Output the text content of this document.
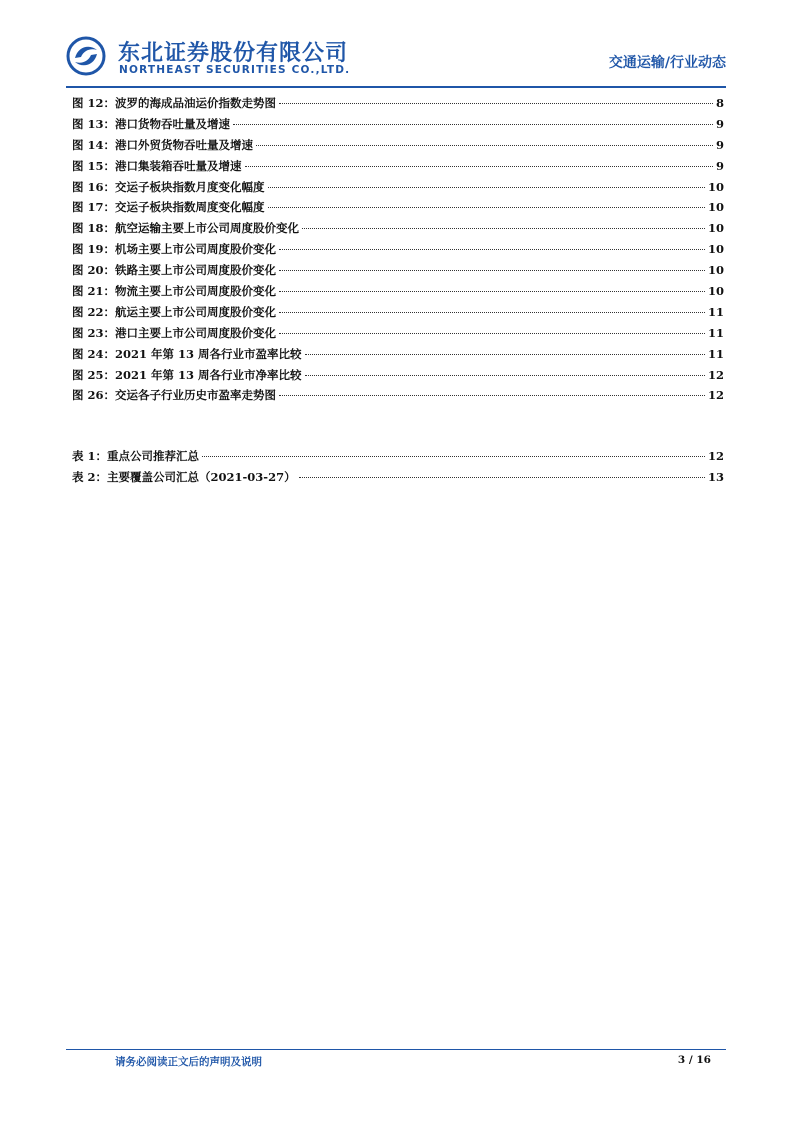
东北证券股份有限公司
NORTHEAST SECURITIES CO.,LTD.	交通运输/行业动态
图 12： 波罗的海成品油运价指数走势图	8
图 13： 港口货物吞吐量及增速	9
图 14： 港口外贸货物吞吐量及增速	9
图 15： 港口集装箱吞吐量及增速	9
图 16： 交运子板块指数月度变化幅度	10
图 17： 交运子板块指数周度变化幅度	10
图 18： 航空运输主要上市公司周度股价变化	10
图 19： 机场主要上市公司周度股价变化	10
图 20： 铁路主要上市公司周度股价变化	10
图 21： 物流主要上市公司周度股价变化	10
图 22： 航运主要上市公司周度股价变化	11
图 23： 港口主要上市公司周度股价变化	11
图 24： 2021 年第 13 周各行业市盈率比较	11
图 25： 2021 年第 13 周各行业市净率比较	12
图 26： 交运各子行业历史市盈率走势图	12
表 1： 重点公司推荐汇总	12
表 2： 主要覆盖公司汇总（2021-03-27）	13
请务必阅读正文后的声明及说明	3 / 16
